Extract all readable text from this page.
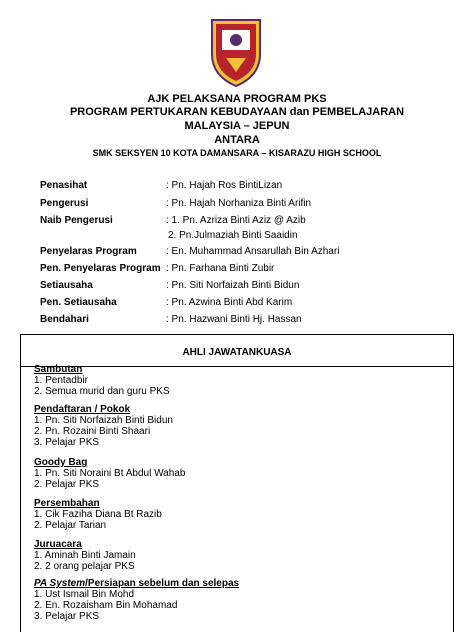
AJK PELAKSANA PROGRAM PKS
PROGRAM PERTUKARAN KEBUDAYAAN dan PEMBELAJARAN
MALAYSIA – JEPUN
ANTARA
SMK SEKSYEN 10 KOTA DAMANSARA – KISARAZU HIGH SCHOOL
Penasihat	: Pn. Hajah Ros BintiLizan
Pengerusi	: Pn. Hajah Norhaniza Binti Arifin
Naib Pengerusi	: 1. Pn. Azriza Binti Aziz @ Azib
2. Pn.Julmaziah Binti Saaidin
Penyelaras Program	: En. Muhammad Ansarullah Bin Azhari
Pen. Penyelaras Program : Pn. Farhana Binti Zubir
Setiausaha	: Pn. Siti Norfaizah Binti Bidun
Pen. Setiausaha	: Pn. Azwina Binti Abd Karim
Bendahari	: Pn. Hazwani Binti Hj. Hassan
AHLI JAWATANKUASA
Sambutan
1. Pentadbir
2. Semua murid dan guru PKS
Pendaftaran / Pokok
1. Pn. Siti Norfaizah Binti Bidun
2. Pn. Rozaini Binti Shaari
3. Pelajar PKS
Goody Bag
1. Pn. Siti Noraini Bt Abdul Wahab
2. Pelajar PKS
Persembahan
1. Cik Faziha Diana Bt Razib
2. Pelajar Tarian
Juruacara
1. Aminah Binti Jamain
2. 2 orang pelajar PKS
PA System/Persiapan sebelum dan selepas
1. Ust Ismail Bin Mohd
2. En. Rozaisham Bin Mohamad
3. Pelajar PKS
